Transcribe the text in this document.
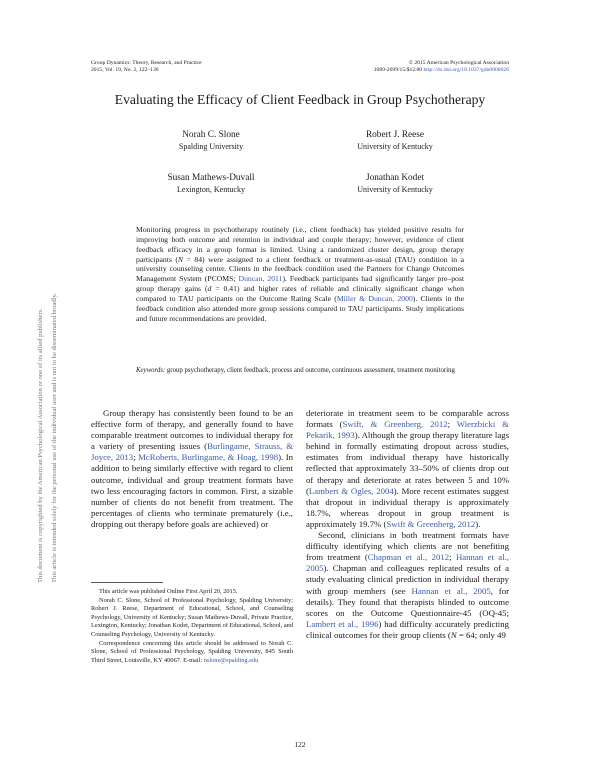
Group Dynamics: Theory, Research, and Practice
2015, Vol. 19, No. 2, 122–136
© 2015 American Psychological Association
1089-2699/15/$12.00 http://dx.doi.org/10.1037/gdn0000026
Evaluating the Efficacy of Client Feedback in Group Psychotherapy
Norah C. Slone
Spalding University
Robert J. Reese
University of Kentucky
Susan Mathews-Duvall
Lexington, Kentucky
Jonathan Kodet
University of Kentucky
This document is copyrighted by the American Psychological Association or one of its allied publishers. This article is intended solely for the personal use of the individual user and is not to be disseminated broadly.
Monitoring progress in psychotherapy routinely (i.e., client feedback) has yielded positive results for improving both outcome and retention in individual and couple therapy; however, evidence of client feedback efficacy in a group format is limited. Using a randomized cluster design, group therapy participants (N = 84) were assigned to a client feedback or treatment-as-usual (TAU) condition in a university counseling center. Clients in the feedback condition used the Partners for Change Outcomes Management System (PCOMS; Duncan, 2011). Feedback participants had significantly larger pre–post group therapy gains (d = 0.41) and higher rates of reliable and clinically significant change when compared to TAU participants on the Outcome Rating Scale (Miller & Duncan, 2000). Clients in the feedback condition also attended more group sessions compared to TAU participants. Study implications and future recommendations are provided.
Keywords: group psychotherapy, client feedback, process and outcome, continuous assessment, treatment monitoring

Group therapy has consistently been found to be an effective form of therapy, and generally found to have comparable treatment outcomes to individual therapy for a variety of presenting issues (Burlingame, Strauss, & Joyce, 2013; McRoberts, Burlingame, & Hoag, 1998). In addition to being similarly effective with regard to client outcome, individual and group treatment formats have two less encouraging factors in common. First, a sizable number of clients do not benefit from treatment. The percentages of clients who terminate prematurely (i.e., dropping out therapy before goals are achieved) or

This article was published Online First April 20, 2015.

Norah C. Slone, School of Professional Psychology, Spalding University; Robert J. Reese, Department of Educational, School, and Counseling Psychology, University of Kentucky; Susan Mathews-Duvall, Private Practice, Lexington, Kentucky; Jonathan Kodet, Department of Educational, School, and Counseling Psychology, University of Kentucky.

Correspondence concerning this article should be addressed to Norah C. Slone, School of Professional Psychology, Spalding University, 845 South Third Street, Louisville, KY 40067. E-mail: nslone@spalding.edu

deteriorate in treatment seem to be comparable across formats (Swift, & Greenberg, 2012; Wierzbicki & Pekarik, 1993). Although the group therapy literature lags behind in formally estimating dropout across studies, estimates from individual therapy have historically reflected that approximately 33–50% of clients drop out of therapy and deteriorate at rates between 5 and 10% (Lambert & Ogles, 2004). More recent estimates suggest that dropout in individual therapy is approximately 18.7%, whereas dropout in group treatment is approximately 19.7% (Swift & Greenberg, 2012).

Second, clinicians in both treatment formats have difficulty identifying which clients are not benefiting from treatment (Chapman et al., 2012; Hannan et al., 2005). Chapman and colleagues replicated results of a study evaluating clinical prediction in individual therapy with group members (see Hannan et al., 2005, for details). They found that therapists blinded to outcome scores on the Outcome Questionnaire-45 (OQ-45; Lambert et al., 1996) had difficulty accurately predicting clinical outcomes for their group clients (N = 64; only 49

122
